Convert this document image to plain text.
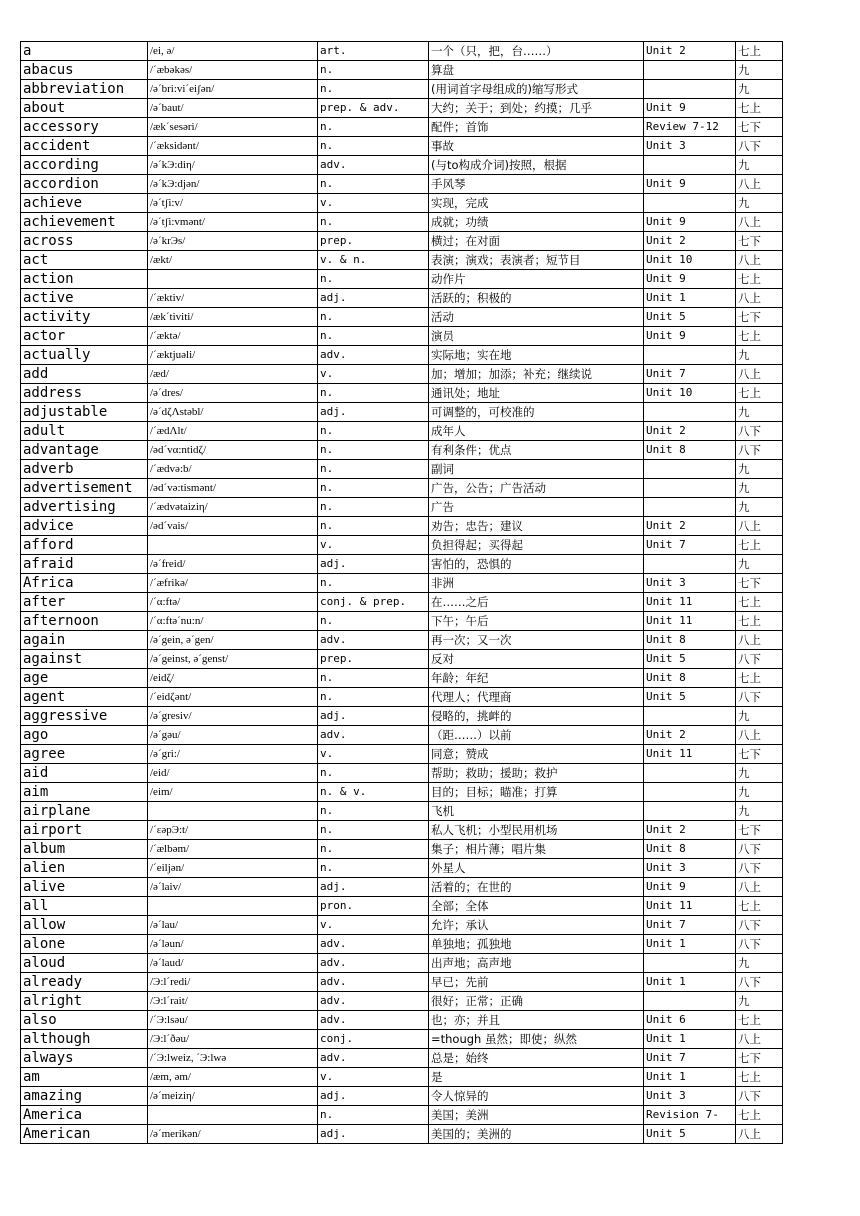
a	/ei, ə/	art.	一个（只，把，台……）	Unit 2	七上
abacus	/ˊæbəkəs/	n.	算盘		九
abbreviation	/əˊbri:viˊeiʃən/	n.	(用词首字母组成的)缩写形式		九
about	/əˊbaut/	prep. & adv.	大约；关于；到处；约摸；几乎	Unit 9	七上
accessory	/ækˊsesəri/	n.	配件；首饰	Review 7-12	七下
accident	/ˊæksidənt/	n.	事故	Unit 3	八下
according	/əˊkЭ:diη/	adv.	(与to构成介词)按照，根据		九
accordion	/əˊkЭ:djən/	n.	手风琴	Unit 9	八上
achieve	/əˊtʃi:v/	v.	实现，完成		九
achievement	/əˊtʃi:vmənt/	n.	成就；功绩	Unit 9	八上
across	/əˊkrЭs/	prep.	横过；在对面	Unit 2	七下
act	/ækt/	v. & n.	表演；演戏；表演者；短节目	Unit 10	八上
action		n.	动作片	Unit 9	七上
active	/ˊæktiv/	adj.	活跃的；积极的	Unit 1	八上
activity	/ækˊtiviti/	n.	活动	Unit 5	七下
actor	/ˊæktə/	n.	演员	Unit 9	七上
actually	/ˊæktjuəli/	adv.	实际地；实在地		九
add	/æd/	v.	加；增加；加添；补充；继续说	Unit 7	八上
address	/əˊdres/	n.	通讯处；地址	Unit 10	七上
adjustable	/əˊdζΛstəbl/	adj.	可调整的，可校准的		九
adult	/ˊædΛlt/	n.	成年人	Unit 2	八下
advantage	/ədˊvα:ntidζ/	n.	有利条件；优点	Unit 8	八下
adverb	/ˊædvə:b/	n.	副词		九
advertisement	/ədˊvə:tismənt/	n.	广告，公告；广告活动		九
advertising	/ˊædvətaiziη/	n.	广告		九
advice	/ədˊvais/	n.	劝告；忠告；建议	Unit 2	八上
afford		v.	负担得起；买得起	Unit 7	七上
afraid	/əˊfreid/	adj.	害怕的，恐惧的		九
Africa	/ˊæfrikə/	n.	非洲	Unit 3	七下
after	/ˊα:ftə/	conj. & prep.	在……之后	Unit 11	七上
afternoon	/ˊα:ftəˊnu:n/	n.	下午；午后	Unit 11	七上
again	/əˊgein, əˊgen/	adv.	再一次；又一次	Unit 8	八上
against	/əˊgeinst, əˊgenst/	prep.	反对	Unit 5	八下
age	/eidζ/	n.	年龄；年纪	Unit 8	七上
agent	/ˊeidζənt/	n.	代理人；代理商	Unit 5	八下
aggressive	/əˊgresiv/	adj.	侵略的，挑衅的		九
ago	/əˊgəu/	adv.	（距……）以前	Unit 2	八上
agree	/əˊgri:/	v.	同意；赞成	Unit 11	七下
aid	/eid/	n.	帮助；救助；援助；救护		九
aim	/eim/	n. & v.	目的；目标；瞄准；打算		九
airplane		n.	飞机		九
airport	/ˊεəpЭ:t/	n.	私人飞机；小型民用机场	Unit 2	七下
album	/ˊælbəm/	n.	集子；相片薄；唱片集	Unit 8	八下
alien	/ˊeiljən/	n.	外星人	Unit 3	八下
alive	/əˊlaiv/	adj.	活着的；在世的	Unit 9	八上
all		pron.	全部；全体	Unit 11	七上
allow	/əˊlau/	v.	允许；承认	Unit 7	八下
alone	/əˊləun/	adv.	单独地；孤独地	Unit 1	八下
aloud	/əˊlaud/	adv.	出声地；高声地		九
already	/Э:lˊredi/	adv.	早已；先前	Unit 1	八下
alright	/Э:lˊrait/	adv.	很好；正常；正确		九
also	/ˊЭ:lsəu/	adv.	也；亦；并且	Unit 6	七上
although	/Э:lˊðəu/	conj.	=though 虽然；即使；纵然	Unit 1	八上
always	/ˊЭ:lweiz, ˊЭ:lwə	adv.	总是；始终	Unit 7	七下
am	/æm, əm/	v.	是	Unit 1	七上
amazing	/əˊmeiziη/	adj.	令人惊异的	Unit 3	八下
America		n.	美国；美洲	Revision 7-	七上
American	/əˊmerikən/	adj.	美国的；美洲的	Unit 5	八上
